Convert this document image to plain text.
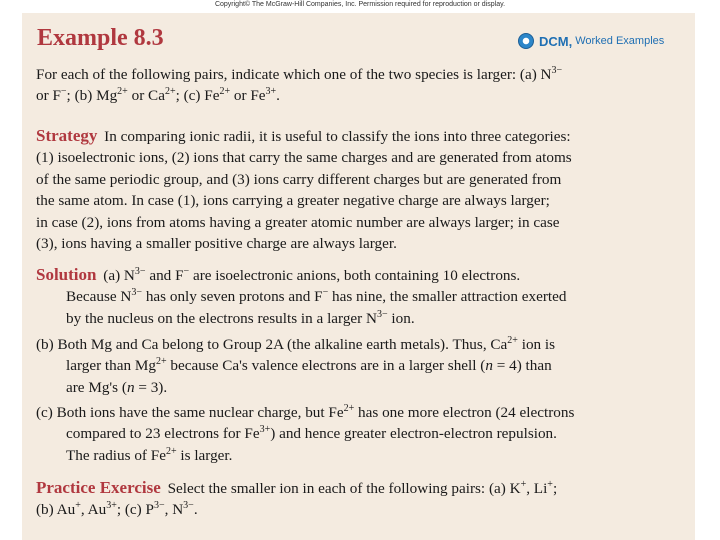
Copyright© The McGraw-Hill Companies, Inc. Permission required for reproduction or display.
Example 8.3	DCM, Worked Examples
For each of the following pairs, indicate which one of the two species is larger: (a) $N^{3-}$
or F−; (b) $Mg^{2+}$ or $Ca^{2+}$; (c) $Fe^{2+}$ or $Fe^{3+}$.
Strategy In comparing ionic radii, it is useful to classify the ions into three categories:
(1) isoelectronic ions, (2) ions that carry the same charges and are generated from atoms
of the same periodic group, and (3) ions carry different charges but are generated from
the same atom. In case (1), ions carrying a greater negative charge are always larger;
in case (2), ions from atoms having a greater atomic number are always larger; in case
(3), ions having a smaller positive charge are always larger.
Solution (a) $N^{3-}$ and F− are isoelectronic anions, both containing 10 electrons.
Because $N^{3-}$ has only seven protons and F− has nine, the smaller attraction exerted
by the nucleus on the electrons results in a larger $N^{3-}$ ion.
(b) Both Mg and Ca belong to Group 2A (the alkaline earth metals). Thus, $Ca^{2+}$ ion is
larger than $Mg^{2+}$ because Ca's valence electrons are in a larger shell (n = 4) than
are Mg's (n = 3).
(c) Both ions have the same nuclear charge, but $Fe^{2+}$ has one more electron (24 electrons
compared to 23 electrons for $Fe^{3+}$) and hence greater electron-electron repulsion.
The radius of $Fe^{2+}$ is larger.
Practice Exercise Select the smaller ion in each of the following pairs: (a) K+, Li+;
(b) Au+, $Au^{3+}$; (c) $P^{3-}$, $N^{3-}$.
